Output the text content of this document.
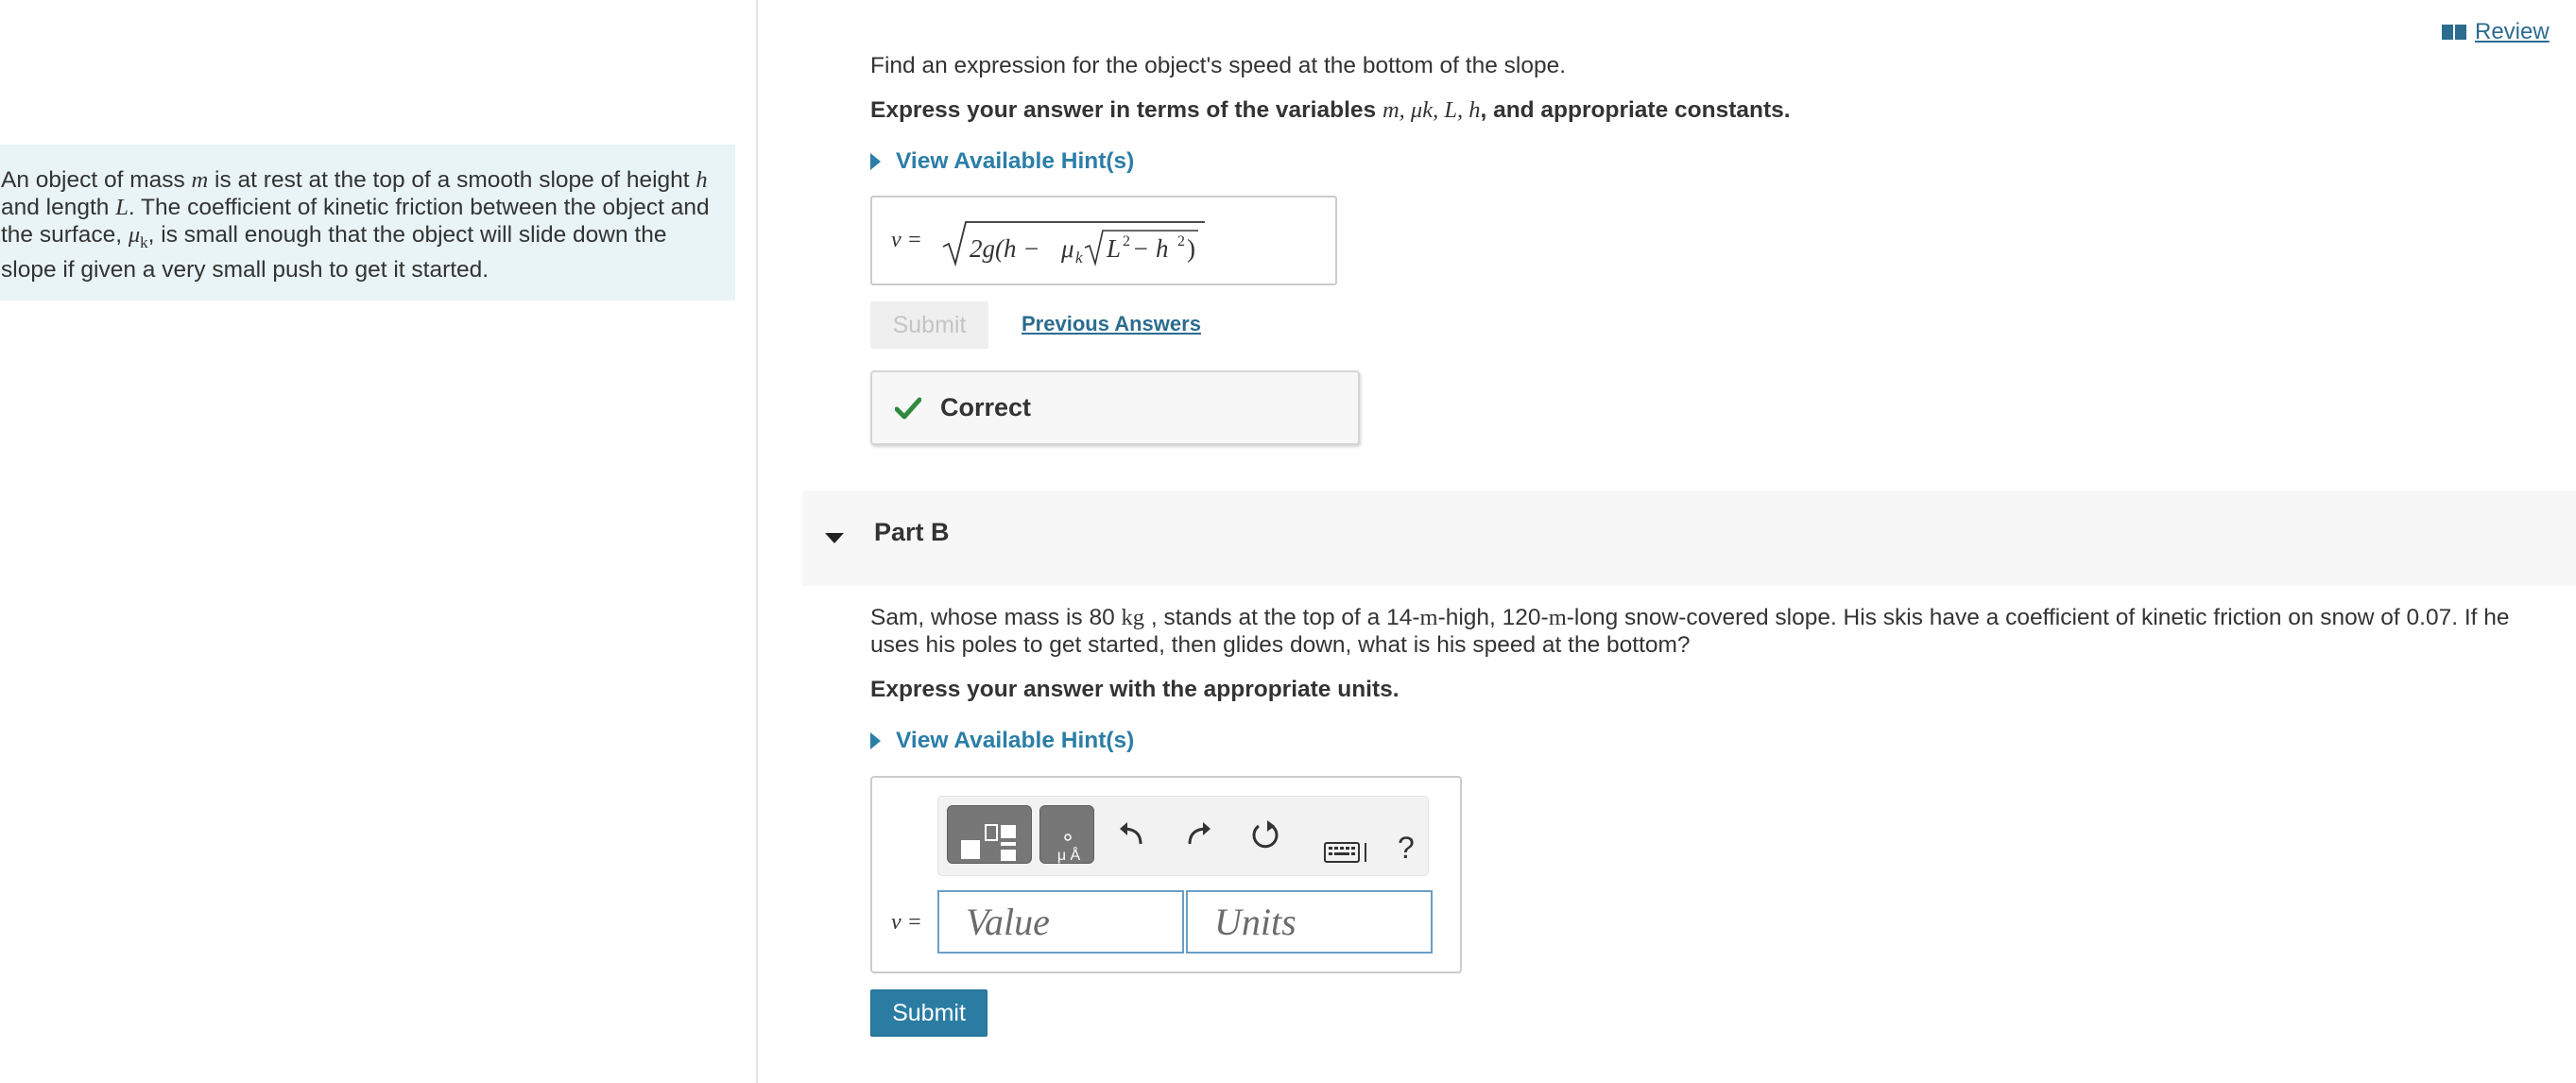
An object of mass m is at rest at the top of a smooth slope of height h and length L. The coefficient of kinetic friction between the object and the surface, $\mu_k$, is small enough that the object will slide down the slope if given a very small push to get it started.
Review
Find an expression for the object's speed at the bottom of the slope.
Express your answer in terms of the variables m, μk, L, h, and appropriate constants.
View Available Hint(s)
v = 2g(h − μ k L 2 − h 2 )
Submit	Previous Answers
Correct
Part B
Sam, whose mass is 80 kg , stands at the top of a 14-m-high, 120-m-long snow-covered slope. His skis have a coefficient of kinetic friction on snow of 0.07. If he uses his poles to get started, then glides down, what is his speed at the bottom?
Express your answer with the appropriate units.
View Available Hint(s)
μ Å	?
v =
Value
Units
Submit
